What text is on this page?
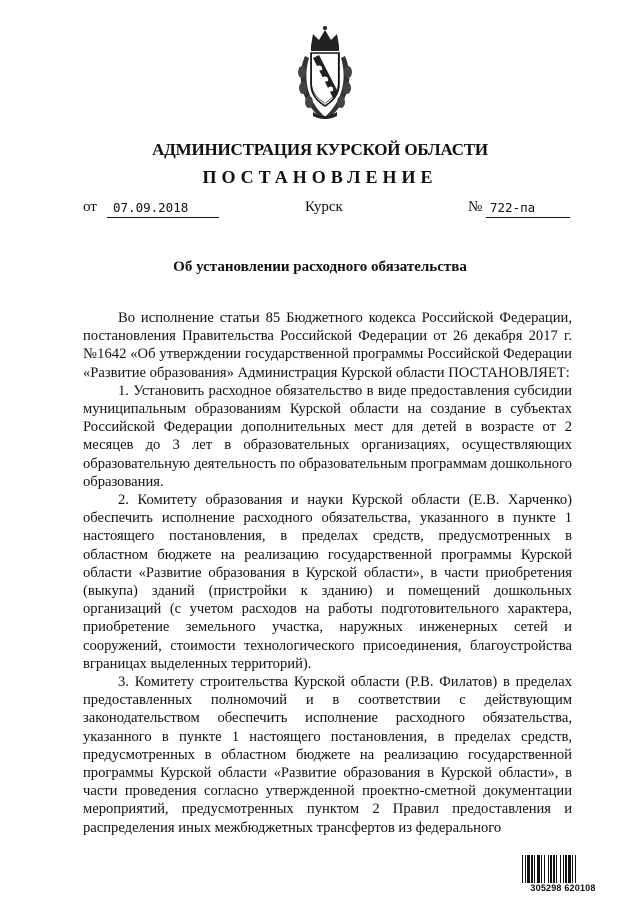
АДМИНИСТРАЦИЯ КУРСКОЙ ОБЛАСТИ
ПОСТАНОВЛЕНИЕ
от	07.09.2018	Курск	№ 722-па
Об установлении расходного обязательства

Во исполнение статьи 85 Бюджетного кодекса Российской Федерации, постановления Правительства Российской Федерации от 26 декабря 2017 г. №1642 «Об утверждении государственной программы Российской Федерации «Развитие образования» Администрация Курской области ПОСТАНОВЛЯЕТ:

1. Установить расходное обязательство в виде предоставления субсидии муниципальным образованиям Курской области на создание в субъектах Российской Федерации дополнительных мест для детей в возрасте от 2 месяцев до 3 лет в образовательных организациях, осуществляющих образовательную деятельность по образовательным программам дошкольного образования.

2. Комитету образования и науки Курской области (Е.В. Харченко) обеспечить исполнение расходного обязательства, указанного в пункте 1 настоящего постановления, в пределах средств, предусмотренных в областном бюджете на реализацию государственной программы Курской области «Развитие образования в Курской области», в части приобретения (выкупа) зданий (пристройки к зданию) и помещений дошкольных организаций (с учетом расходов на работы подготовительного характера, приобретение земельного участка, наружных инженерных сетей и сооружений, стоимости технологического присоединения, благоустройства вграницах выделенных территорий).

3. Комитету строительства Курской области (Р.В. Филатов) в пределах предоставленных полномочий и в соответствии с действующим законодательством обеспечить исполнение расходного обязательства, указанного в пункте 1 настоящего постановления, в пределах средств, предусмотренных в областном бюджете на реализацию государственной программы Курской области «Развитие образования в Курской области», в части проведения согласно утвержденной проектно-сметной документации мероприятий, предусмотренных пунктом 2 Правил предоставления и распределения иных межбюджетных трансфертов из федерального

305298 620108
